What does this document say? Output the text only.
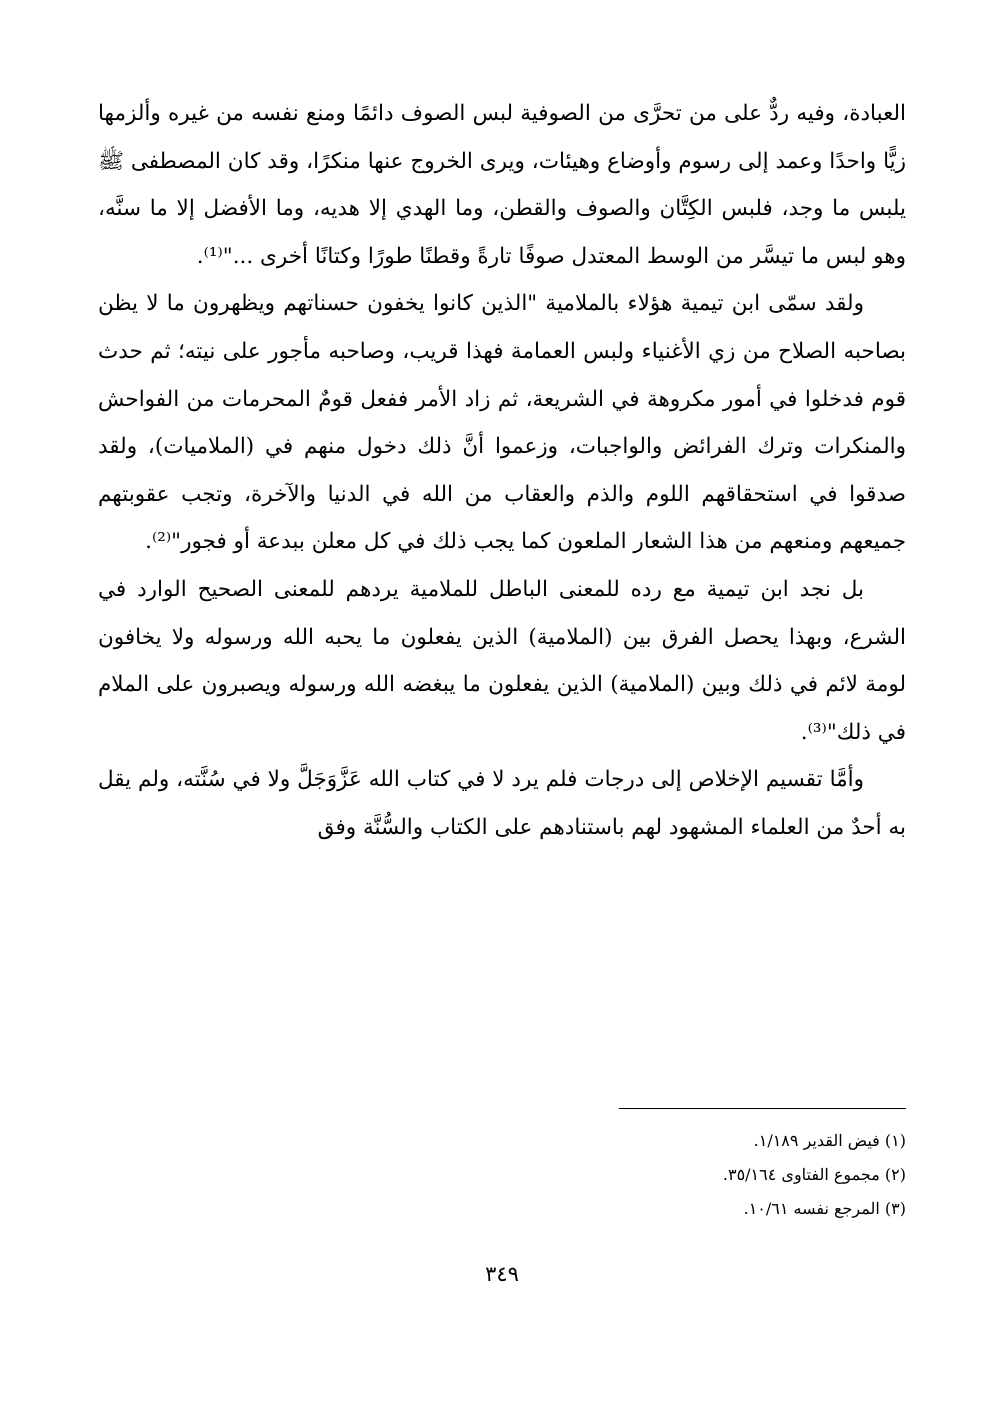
العبادة، وفيه ردٌّ على من تحرَّى من الصوفية لبس الصوف دائمًا ومنع نفسه من غيره وألزمها زيًّا واحدًا وعمد إلى رسوم وأوضاع وهيئات، ويرى الخروج عنها منكرًا، وقد كان المصطفى ﷺ يلبس ما وجد، فلبس الكِتَّان والصوف والقطن، وما الهدي إلا هديه، وما الأفضل إلا ما سنَّه، وهو لبس ما تيسَّر من الوسط المعتدل صوفًا تارةً وقطنًا طورًا وكتانًا أخرى ..."⁽¹⁾.

ولقد سمّى ابن تيمية هؤلاء بالملامية "الذين كانوا يخفون حسناتهم ويظهرون ما لا يظن بصاحبه الصلاح من زي الأغنياء ولبس العمامة فهذا قريب، وصاحبه مأجور على نيته؛ ثم حدث قوم فدخلوا في أمور مكروهة في الشريعة، ثم زاد الأمر ففعل قومٌ المحرمات من الفواحش والمنكرات وترك الفرائض والواجبات، وزعموا أنَّ ذلك دخول منهم في (الملاميات)، ولقد صدقوا في استحقاقهم اللوم والذم والعقاب من الله في الدنيا والآخرة، وتجب عقوبتهم جميعهم ومنعهم من هذا الشعار الملعون كما يجب ذلك في كل معلن ببدعة أو فجور"⁽²⁾.

بل نجد ابن تيمية مع رده للمعنى الباطل للملامية يردهم للمعنى الصحيح الوارد في الشرع، وبهذا يحصل الفرق بين (الملامية) الذين يفعلون ما يحبه الله ورسوله ولا يخافون لومة لائم في ذلك وبين (الملامية) الذين يفعلون ما يبغضه الله ورسوله ويصبرون على الملام في ذلك"⁽³⁾.

وأمَّا تقسيم الإخلاص إلى درجات فلم يرد لا في كتاب الله عَزَّوَجَلَّ ولا في سُنَّته، ولم يقل به أحدٌ من العلماء المشهود لهم باستنادهم على الكتاب والسُّنَّة وفق

(١) فيض القدير ١/١٨٩.

(٢) مجموع الفتاوى ٣٥/١٦٤.

(٣) المرجع نفسه ١٠/٦١.

٣٤٩
